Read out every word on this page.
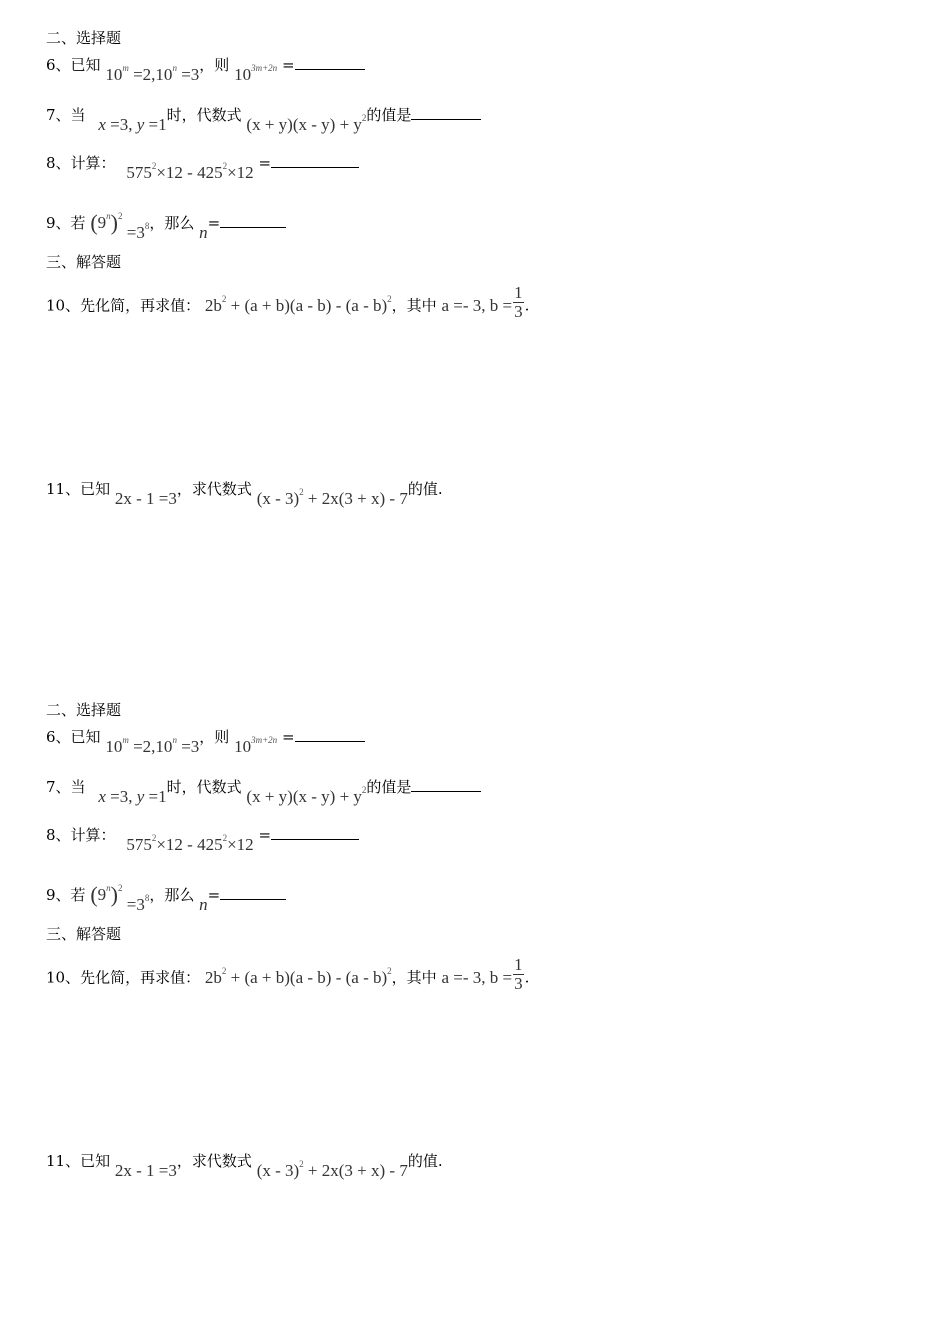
二、选择题
6、已知 $10^m =2,10^n =3$，则 $10^{3m+2n}$ =
7、当 x =3, y =1时，代数式 $(x + y)(x - y) + y^2$的值是
8、计算： $575^2\times 12 - 425^2\times 12$ =
9、若 $(9^n)^2 =3^8$，那么 n=
三、解答题
10、先化简，再求值： $2b^2 + (a + b)(a - b) - (a - b)^2$，其中 a =- 3, $b = \frac{1}{3}$ .
11、已知 2x - 1 =3，求代数式 (x - 3)$^2$ + 2x(3 + x) - 7的值.
二、选择题
6、已知 $10^m =2,10^n =3$，则 $10^{3m+2n}$ =
7、当 x =3, y =1时，代数式 $(x + y)(x - y) + y^2$的值是
8、计算： $575^2\times 12 - 425^2\times 12$ =
9、若 $(9^n)^2 =3^8$，那么 n=
三、解答题
10、先化简，再求值： $2b^2 + (a + b)(a - b) - (a - b)^2$，其中 a =- 3, $b = \frac{1}{3}$ .
11、已知 2x - 1 =3，求代数式 (x - 3)$^2$ + 2x(3 + x) - 7的值.
